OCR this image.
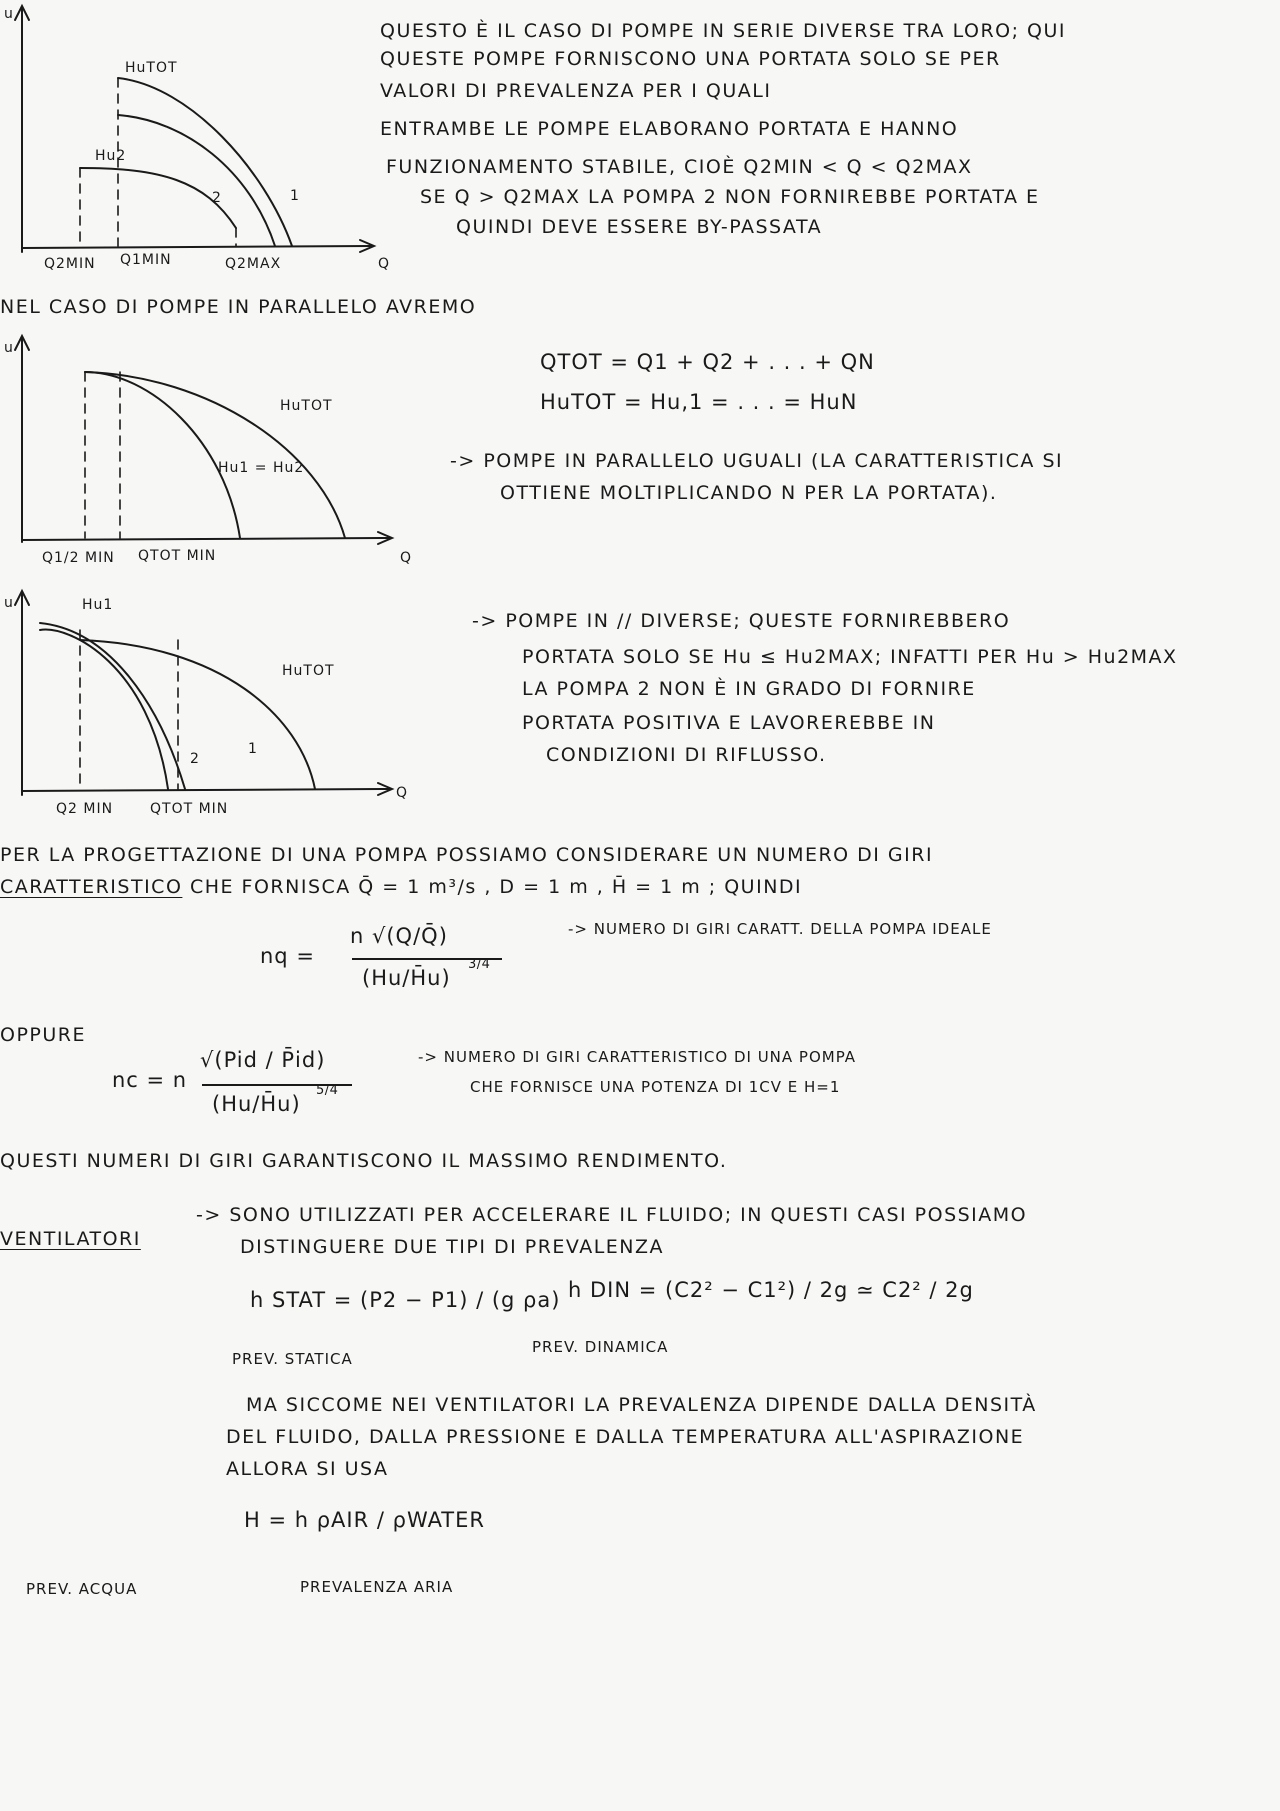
u
HuTOT
Hu2
2	1
Q2MIN Q1MIN	Q2MAX	Q
QUESTO È IL CASO DI POMPE IN SERIE DIVERSE TRA LORO; QUI
QUESTE POMPE FORNISCONO UNA PORTATA SOLO SE PER
VALORI DI PREVALENZA PER I QUALI
ENTRAMBE LE POMPE ELABORANO PORTATA E HANNO
FUNZIONAMENTO STABILE, CIOÈ Q2MIN < Q < Q2MAX
SE Q > Q2MAX LA POMPA 2 NON FORNIREBBE PORTATA E
QUINDI DEVE ESSERE BY-PASSATA
NEL CASO DI POMPE IN PARALLELO AVREMO
u
HuTOT
Hu1 = Hu2
Q1/2 MIN QTOT MIN	Q
QTOT = Q1 + Q2 + . . . + QN
HuTOT = Hu,1 = . . . = HuN
-> POMPE IN PARALLELO UGUALI (LA CARATTERISTICA SI
OTTIENE MOLTIPLICANDO N PER LA PORTATA).
u	Hu1
HuTOT
2
1
Q2 MIN	QTOT MIN
Q
-> POMPE IN // DIVERSE; QUESTE FORNIREBBERO
PORTATA SOLO SE Hu ≤ Hu2MAX; INFATTI PER Hu > Hu2MAX
LA POMPA 2 NON È IN GRADO DI FORNIRE
PORTATA POSITIVA E LAVOREREBBE IN
CONDIZIONI DI RIFLUSSO.
PER LA PROGETTAZIONE DI UNA POMPA POSSIAMO CONSIDERARE UN NUMERO DI GIRI
CARATTERISTICO CHE FORNISCA Q̄ = 1 m³/s , D = 1 m , H̄ = 1 m ; QUINDI
nq =
n √(Q/Q̄)
(Hu/H̄u)
3/4
-> NUMERO DI GIRI CARATT. DELLA POMPA IDEALE
OPPURE
nc = n
√(Pid / P̄id)
(Hu/H̄u)
5/4
-> NUMERO DI GIRI CARATTERISTICO DI UNA POMPA
CHE FORNISCE UNA POTENZA DI 1CV E H=1
QUESTI NUMERI DI GIRI GARANTISCONO IL MASSIMO RENDIMENTO.
VENTILATORI
-> SONO UTILIZZATI PER ACCELERARE IL FLUIDO; IN QUESTI CASI POSSIAMO
DISTINGUERE DUE TIPI DI PREVALENZA
h STAT = (P2 − P1) / (g ρa)
PREV. STATICA
h DIN = (C2² − C1²) / 2g ≃ C2² / 2g
PREV. DINAMICA
MA SICCOME NEI VENTILATORI LA PREVALENZA DIPENDE DALLA DENSITÀ
DEL FLUIDO, DALLA PRESSIONE E DALLA TEMPERATURA ALL'ASPIRAZIONE
ALLORA SI USA
H = h ρAIR / ρWATER
PREV. ACQUA	PREVALENZA ARIA
